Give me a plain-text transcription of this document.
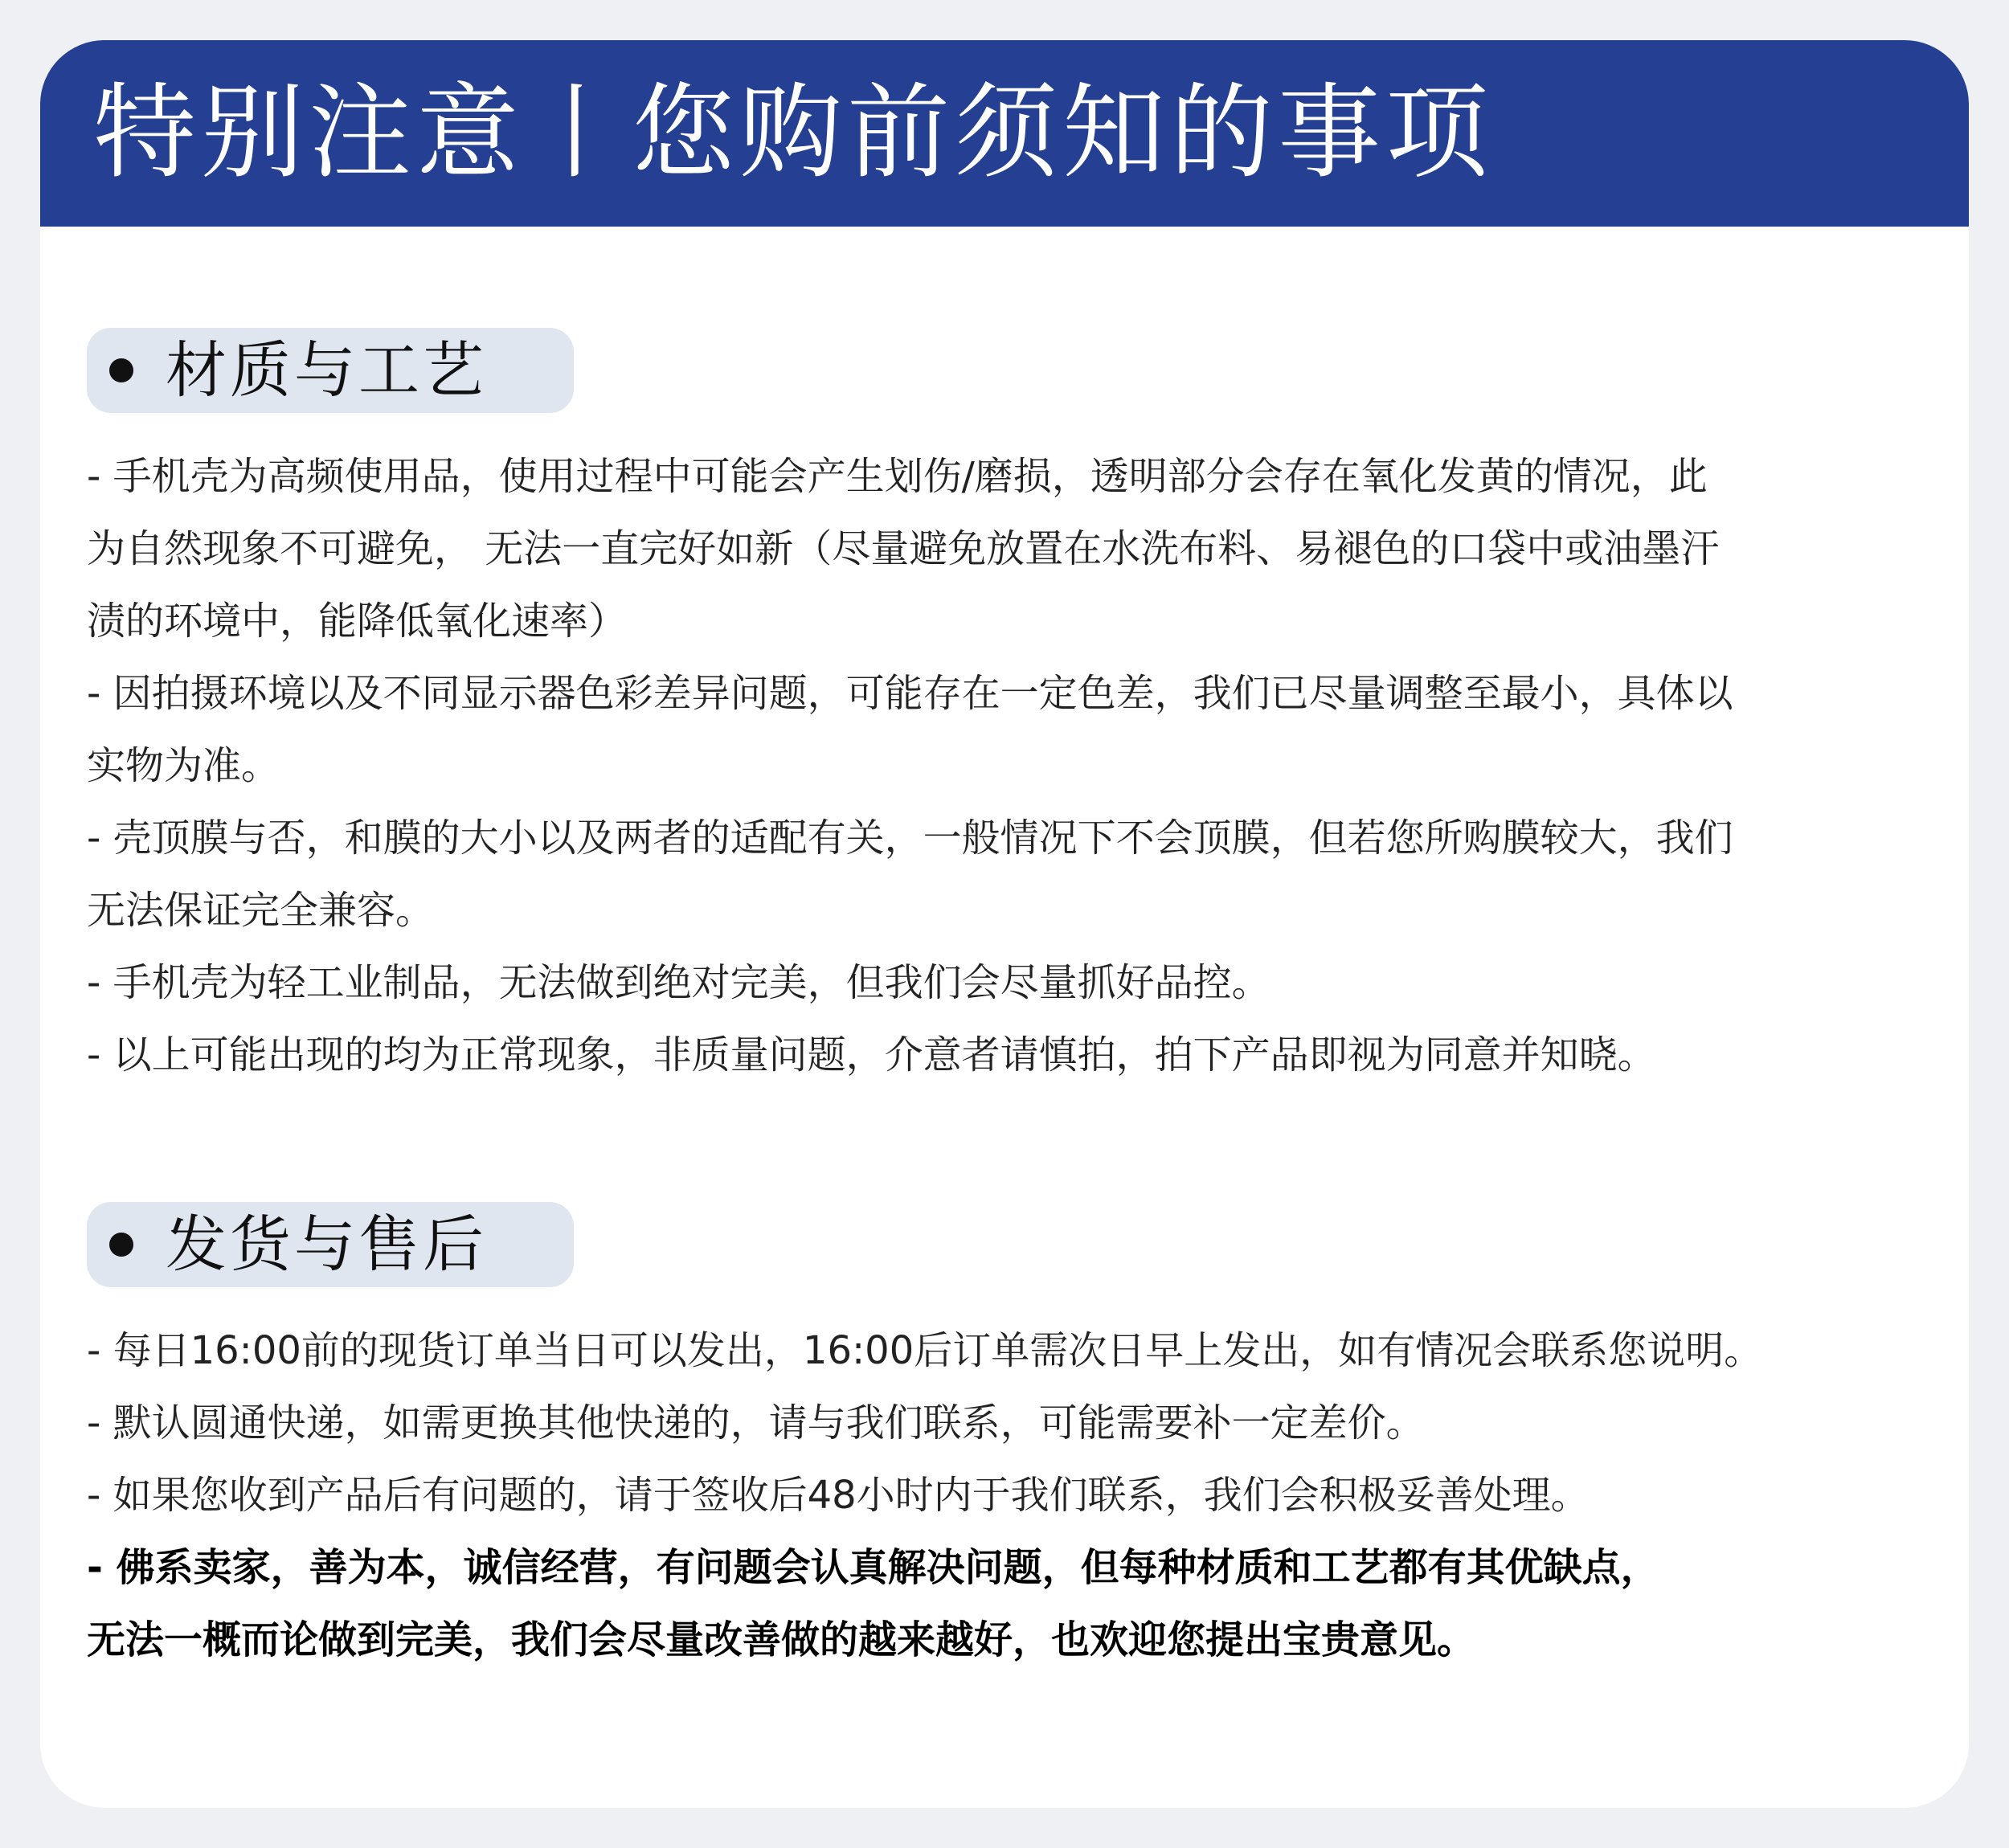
特别注意丨您购前须知的事项
材质与工艺
- 手机壳为高频使用品，使用过程中可能会产生划伤/磨损，透明部分会存在氧化发黄的情况，此
为自然现象不可避免， 无法一直完好如新（尽量避免放置在水洗布料、易褪色的口袋中或油墨汗
渍的环境中，能降低氧化速率）
- 因拍摄环境以及不同显示器色彩差异问题，可能存在一定色差，我们已尽量调整至最小，具体以
实物为准。
- 壳顶膜与否，和膜的大小以及两者的适配有关，一般情况下不会顶膜，但若您所购膜较大，我们
无法保证完全兼容。
- 手机壳为轻工业制品，无法做到绝对完美，但我们会尽量抓好品控。
- 以上可能出现的均为正常现象，非质量问题，介意者请慎拍，拍下产品即视为同意并知晓。
发货与售后
- 每日16:00前的现货订单当日可以发出，16:00后订单需次日早上发出，如有情况会联系您说明。
- 默认圆通快递，如需更换其他快递的，请与我们联系，可能需要补一定差价。
- 如果您收到产品后有问题的，请于签收后48小时内于我们联系，我们会积极妥善处理。
- 佛系卖家，善为本，诚信经营，有问题会认真解决问题，但每种材质和工艺都有其优缺点，
无法一概而论做到完美，我们会尽量改善做的越来越好，也欢迎您提出宝贵意见。
